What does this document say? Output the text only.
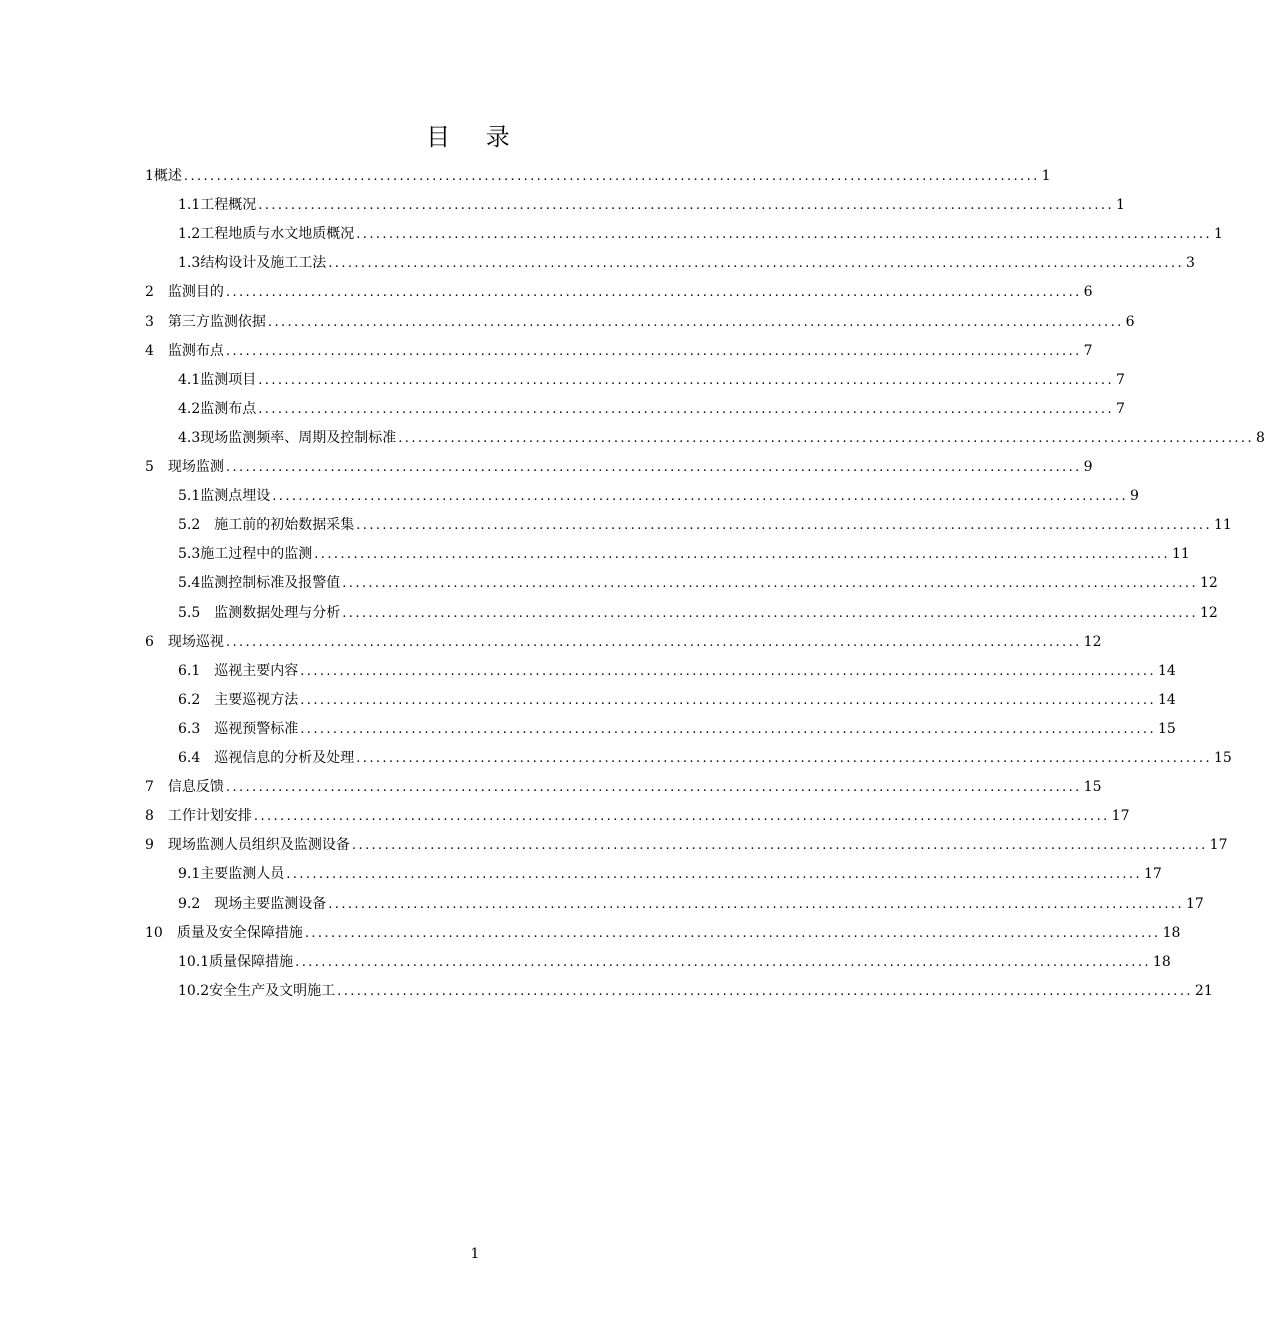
目 录
1 概述 ................................................................................................................................... 1
1.1 工程概况 ................................................................................................................................... 1
1.2 工程地质与水文地质概况 ................................................................................................................................... 1
1.3 结构设计及施工工法 ................................................................................................................................... 3
2　 监测目的 ................................................................................................................................... 6
3　 第三方监测依据 ................................................................................................................................... 6
4　 监测布点 ................................................................................................................................... 7
4.1 监测项目 ................................................................................................................................... 7
4.2 监测布点 ................................................................................................................................... 7
4.3 现场监测频率、周期及控制标准 ................................................................................................................................... 8
5　 现场监测 ................................................................................................................................... 9
5.1 监测点埋设 ................................................................................................................................... 9
5.2　 施工前的初始数据采集 ................................................................................................................................... 11
5.3 施工过程中的监测 ................................................................................................................................... 11
5.4 监测控制标准及报警值 ................................................................................................................................... 12
5.5　 监测数据处理与分析 ................................................................................................................................... 12
6　 现场巡视 ................................................................................................................................... 12
6.1　 巡视主要内容 ................................................................................................................................... 14
6.2　 主要巡视方法 ................................................................................................................................... 14
6.3　 巡视预警标准 ................................................................................................................................... 15
6.4　 巡视信息的分析及处理 ................................................................................................................................... 15
7　 信息反馈 ................................................................................................................................... 15
8　 工作计划安排 ................................................................................................................................... 17
9　 现场监测人员组织及监测设备 ................................................................................................................................... 17
9.1 主要监测人员 ................................................................................................................................... 17
9.2　 现场主要监测设备 ................................................................................................................................... 17
10　 质量及安全保障措施 ................................................................................................................................... 18
10.1 质量保障措施 ................................................................................................................................... 18
10.2 安全生产及文明施工 ................................................................................................................................... 21
1
